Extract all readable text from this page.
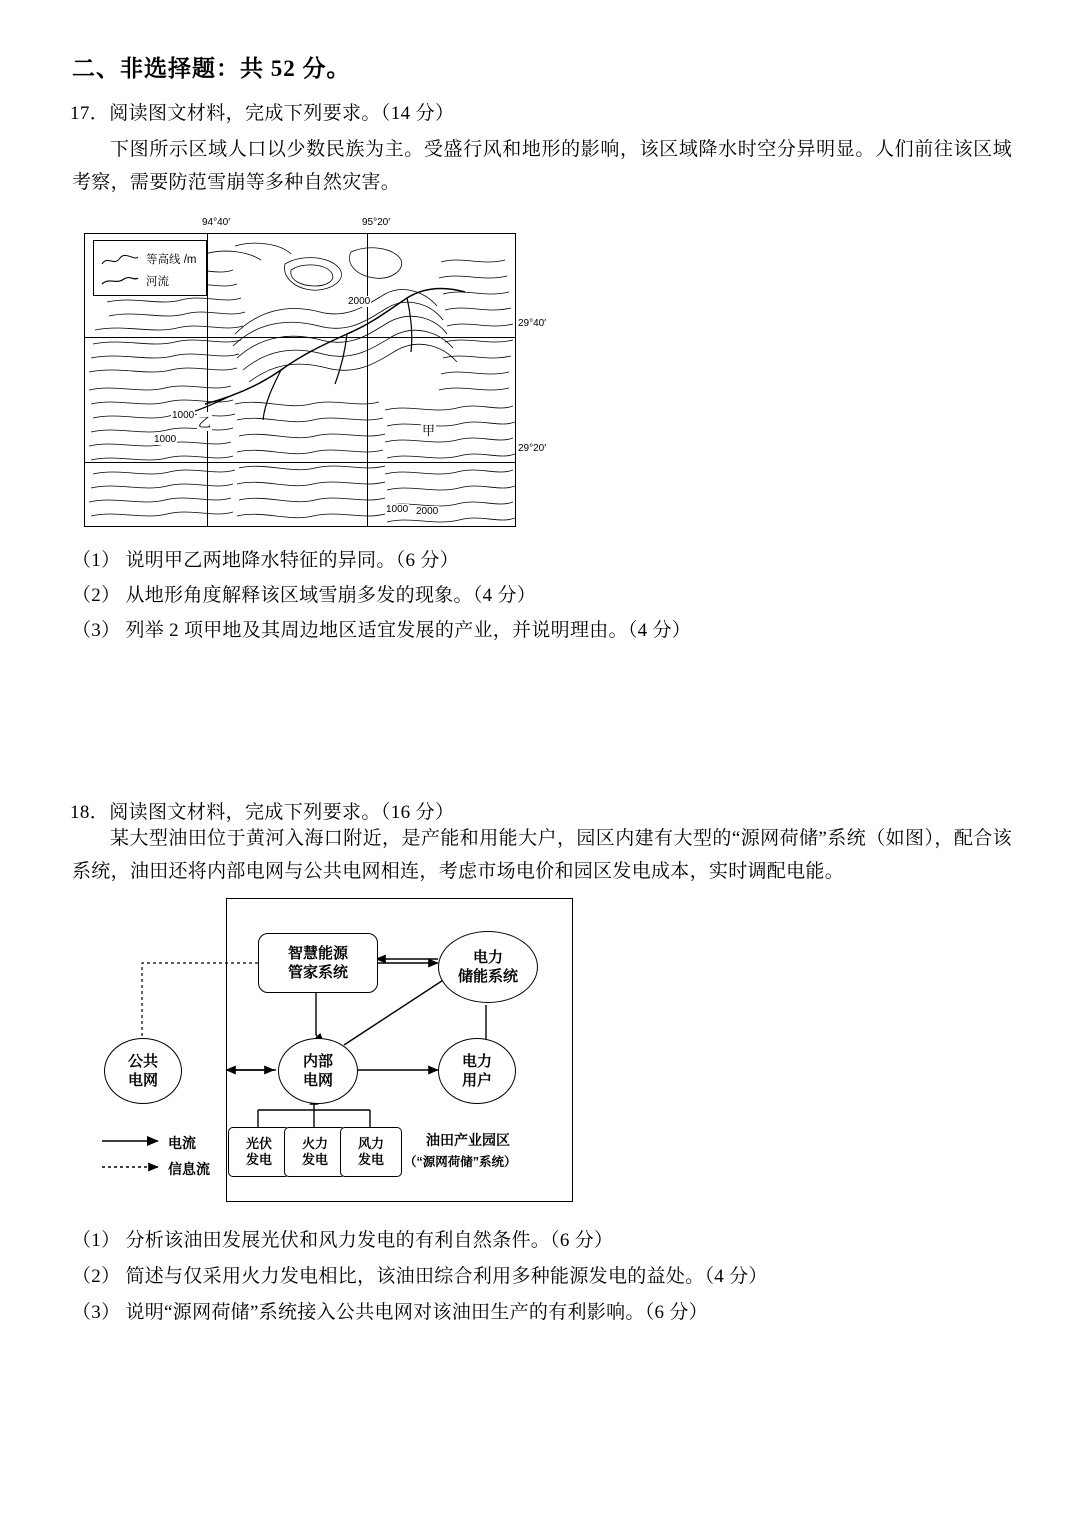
二、非选择题：共 52 分。
17．阅读图文材料，完成下列要求。（14 分）
下图所示区域人口以少数民族为主。受盛行风和地形的影响，该区域降水时空分异明显。人们前往该区域考察，需要防范雪崩等多种自然灾害。
94°40′	95°20′
29°40′
29°20′
等高线 /m
河流
2000
1000
1000
1000 2000
甲
乙
（1） 说明甲乙两地降水特征的异同。（6 分）
（2） 从地形角度解释该区域雪崩多发的现象。（4 分）
（3） 列举 2 项甲地及其周边地区适宜发展的产业，并说明理由。（4 分）
18．阅读图文材料，完成下列要求。（16 分）
某大型油田位于黄河入海口附近，是产能和用能大户，园区内建有大型的“源网荷储”系统（如图），配合该系统，油田还将内部电网与公共电网相连，考虑市场电价和园区发电成本，实时调配电能。
公共
电网
内部
电网
智慧能源
管家系统
电力
储能系统
电力
用户
光伏
发电
火力
发电
风力
发电
电流
信息流
油田产业园区
（“源网荷储”系统）
（1） 分析该油田发展光伏和风力发电的有利自然条件。（6 分）
（2） 简述与仅采用火力发电相比，该油田综合利用多种能源发电的益处。（4 分）
（3） 说明“源网荷储”系统接入公共电网对该油田生产的有利影响。（6 分）
